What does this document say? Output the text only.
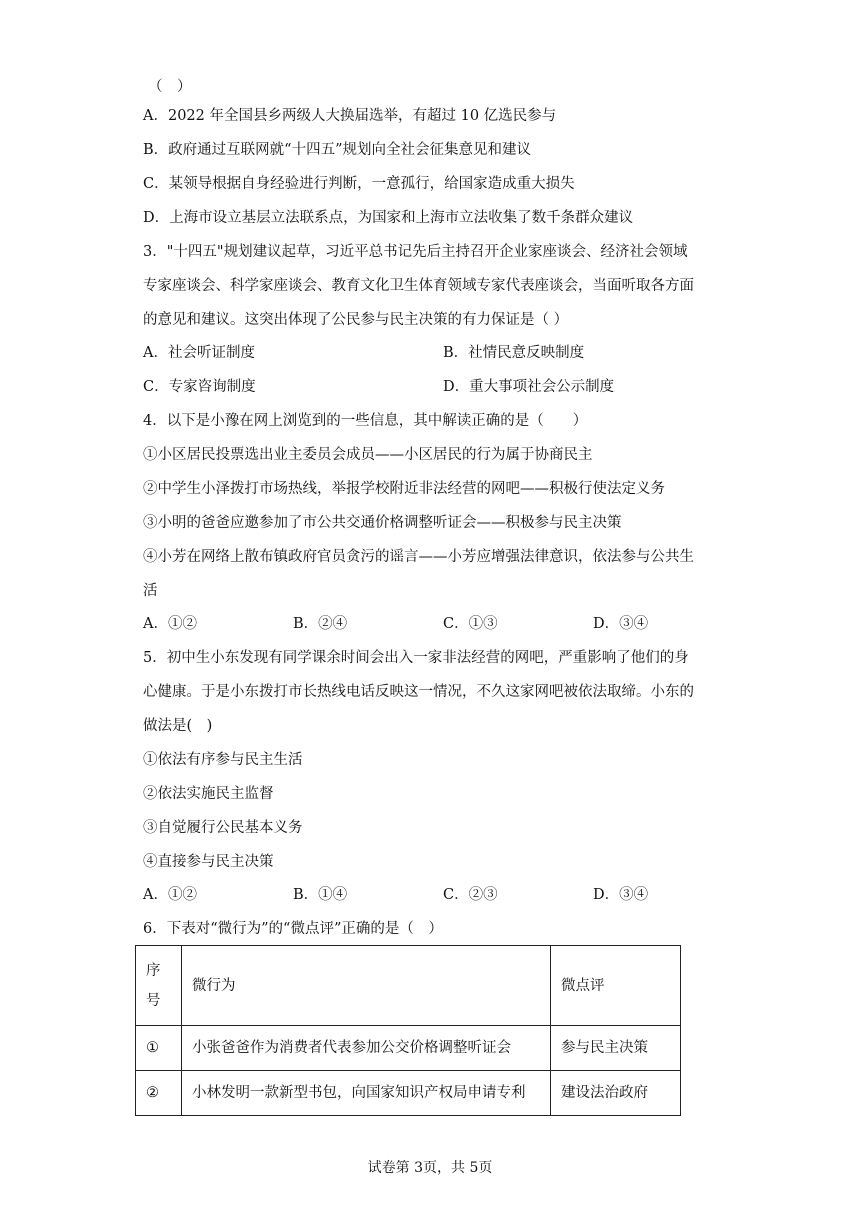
（　）
A．2022 年全国县乡两级人大换届选举，有超过 10 亿选民参与
B．政府通过互联网就“十四五”规划向全社会征集意见和建议
C．某领导根据自身经验进行判断，一意孤行，给国家造成重大损失
D．上海市设立基层立法联系点，为国家和上海市立法收集了数千条群众建议
3．"十四五"规划建议起草，习近平总书记先后主持召开企业家座谈会、经济社会领域
专家座谈会、科学家座谈会、教育文化卫生体育领域专家代表座谈会，当面听取各方面
的意见和建议。这突出体现了公民参与民主决策的有力保证是（ ）
A．社会听证制度	B．社情民意反映制度
C．专家咨询制度	D．重大事项社会公示制度
4．以下是小豫在网上浏览到的一些信息，其中解读正确的是（　　）
①小区居民投票选出业主委员会成员——小区居民的行为属于协商民主
②中学生小泽拨打市场热线，举报学校附近非法经营的网吧——积极行使法定义务
③小明的爸爸应邀参加了市公共交通价格调整听证会——积极参与民主决策
④小芳在网络上散布镇政府官员贪污的谣言——小芳应增强法律意识，依法参与公共生
活
A．①②	B．②④	C．①③	D．③④
5．初中生小东发现有同学课余时间会出入一家非法经营的网吧，严重影响了他们的身
心健康。于是小东拨打市长热线电话反映这一情况，不久这家网吧被依法取缔。小东的
做法是(　)
①依法有序参与民主生活
②依法实施民主监督
③自觉履行公民基本义务
④直接参与民主决策
A．①②	B．①④	C．②③	D．③④
6．下表对“微行为”的“微点评”正确的是（　）
序
号	微行为	微点评
①	小张爸爸作为消费者代表参加公交价格调整听证会	参与民主决策
②	小林发明一款新型书包，向国家知识产权局申请专利	建设法治政府
试卷第 3页，共 5页
